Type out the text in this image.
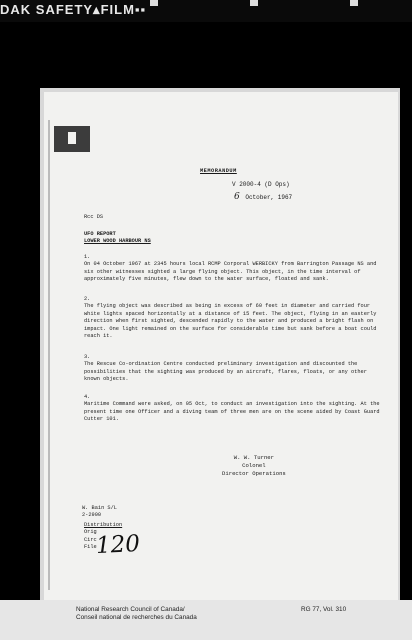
DAK SAFETY▴FILM▪▪
MEMORANDUM
V 2000-4 (D Ops)
6 October, 1967
Rcc DS
UFO REPORT
LOWER WOOD HARBOUR NS
1.
On 04 October 1967 at 2345 hours local RCMP Corporal WERBICKY from Barrington Passage NS and six other witnesses sighted a large flying object. This object, in the time interval of approximately five minutes, flew down to the water surface, floated and sank.
2.
The flying object was described as being in excess of 60 feet in diameter and carried four white lights spaced horizontally at a distance of 15 feet. The object, flying in an easterly direction when first sighted, descended rapidly to the water and produced a bright flash on impact. One light remained on the surface for considerable time but sank before a boat could reach it.
3.
The Rescue Co-ordination Centre conducted preliminary investigation and discounted the possibilities that the sighting was produced by an aircraft, flares, floats, or any other known objects.
4.
Maritime Command were asked, on 05 Oct, to conduct an investigation into the sighting. At the present time one Officer and a diving team of three men are on the scene aided by Coast Guard Cutter 101.
W. W. Turner
Colonel
Director Operations
W. Bain S/L
2-2900
Distribution
Orig
Circ
File
120
National Research Council of Canada/
Conseil national de recherches du Canada
RG 77, Vol. 310
